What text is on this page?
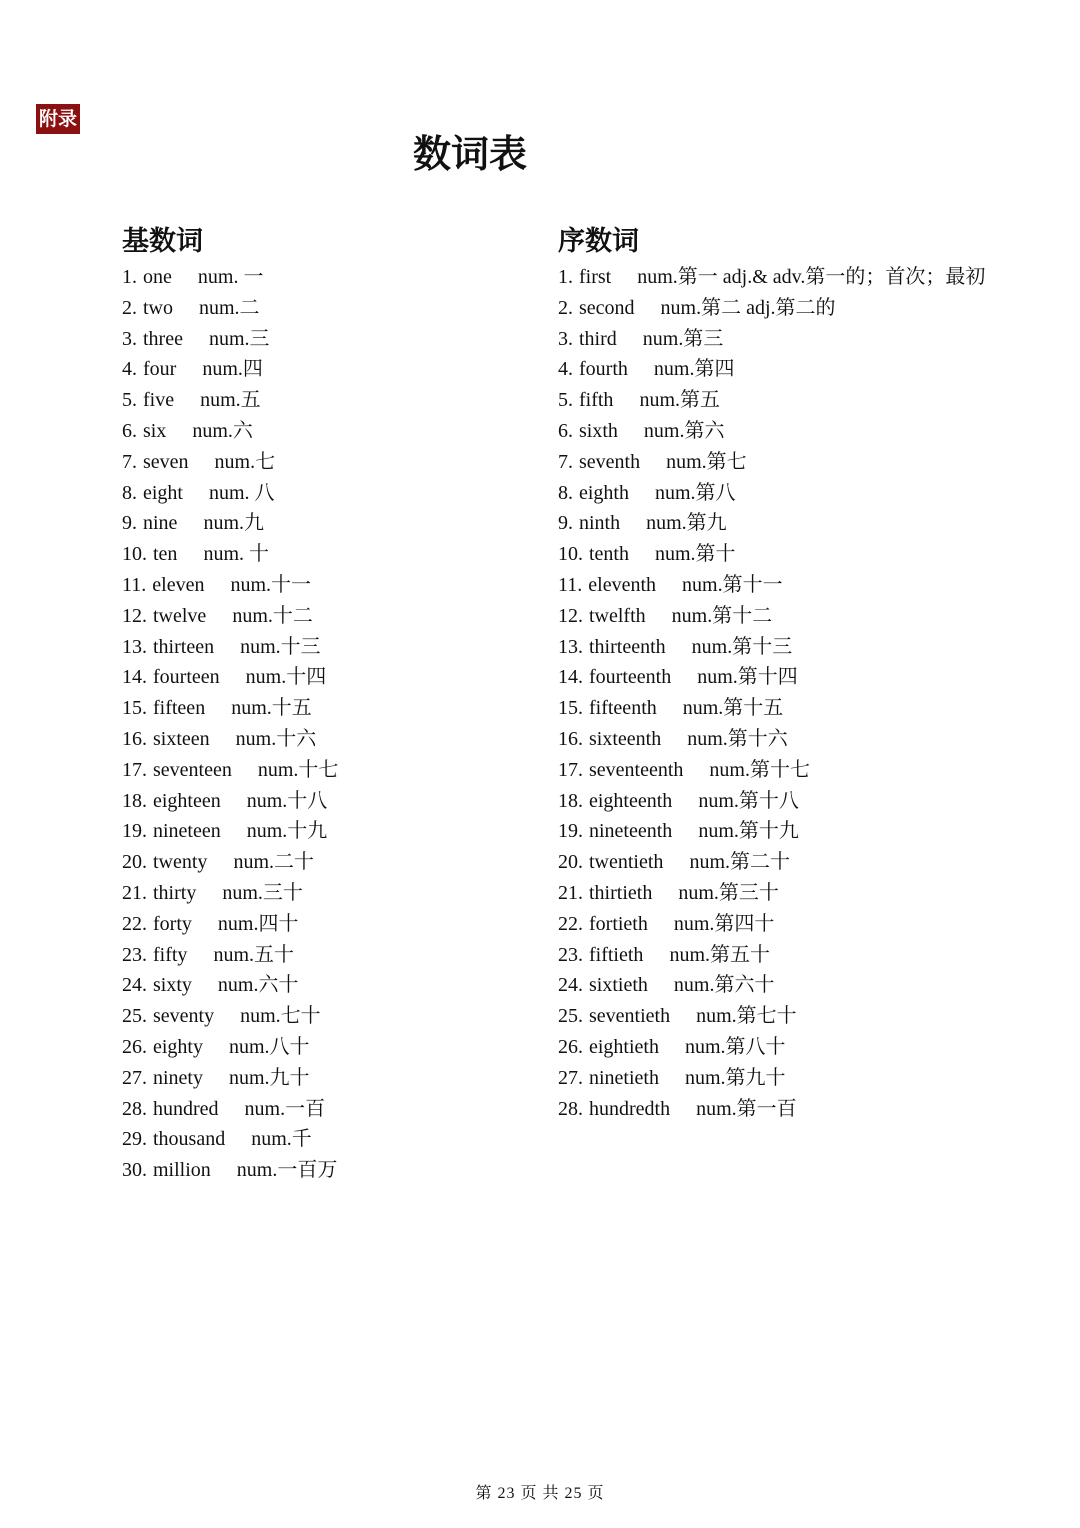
附录
数词表
基数词
1. one num. 一
2. two num.二
3. three num.三
4. four num.四
5. five num.五
6. six num.六
7. seven num.七
8. eight num. 八
9. nine num.九
10. ten num. 十
11. eleven num.十一
12. twelve num.十二
13. thirteen num.十三
14. fourteen num.十四
15. fifteen num.十五
16. sixteen num.十六
17. seventeen num.十七
18. eighteen num.十八
19. nineteen num.十九
20. twenty num.二十
21. thirty num.三十
22. forty num.四十
23. fifty num.五十
24. sixty num.六十
25. seventy num.七十
26. eighty num.八十
27. ninety num.九十
28. hundred num.一百
29. thousand num.千
30. million num.一百万
序数词
1. first num.第一 adj.& adv.第一的；首次；最初
2. second num.第二 adj.第二的
3. third num.第三
4. fourth num.第四
5. fifth num.第五
6. sixth num.第六
7. seventh num.第七
8. eighth num.第八
9. ninth num.第九
10. tenth num.第十
11. eleventh num.第十一
12. twelfth num.第十二
13. thirteenth num.第十三
14. fourteenth num.第十四
15. fifteenth num.第十五
16. sixteenth num.第十六
17. seventeenth num.第十七
18. eighteenth num.第十八
19. nineteenth num.第十九
20. twentieth num.第二十
21. thirtieth num.第三十
22. fortieth num.第四十
23. fiftieth num.第五十
24. sixtieth num.第六十
25. seventieth num.第七十
26. eightieth num.第八十
27. ninetieth num.第九十
28. hundredth num.第一百
第 23 页 共 25 页
